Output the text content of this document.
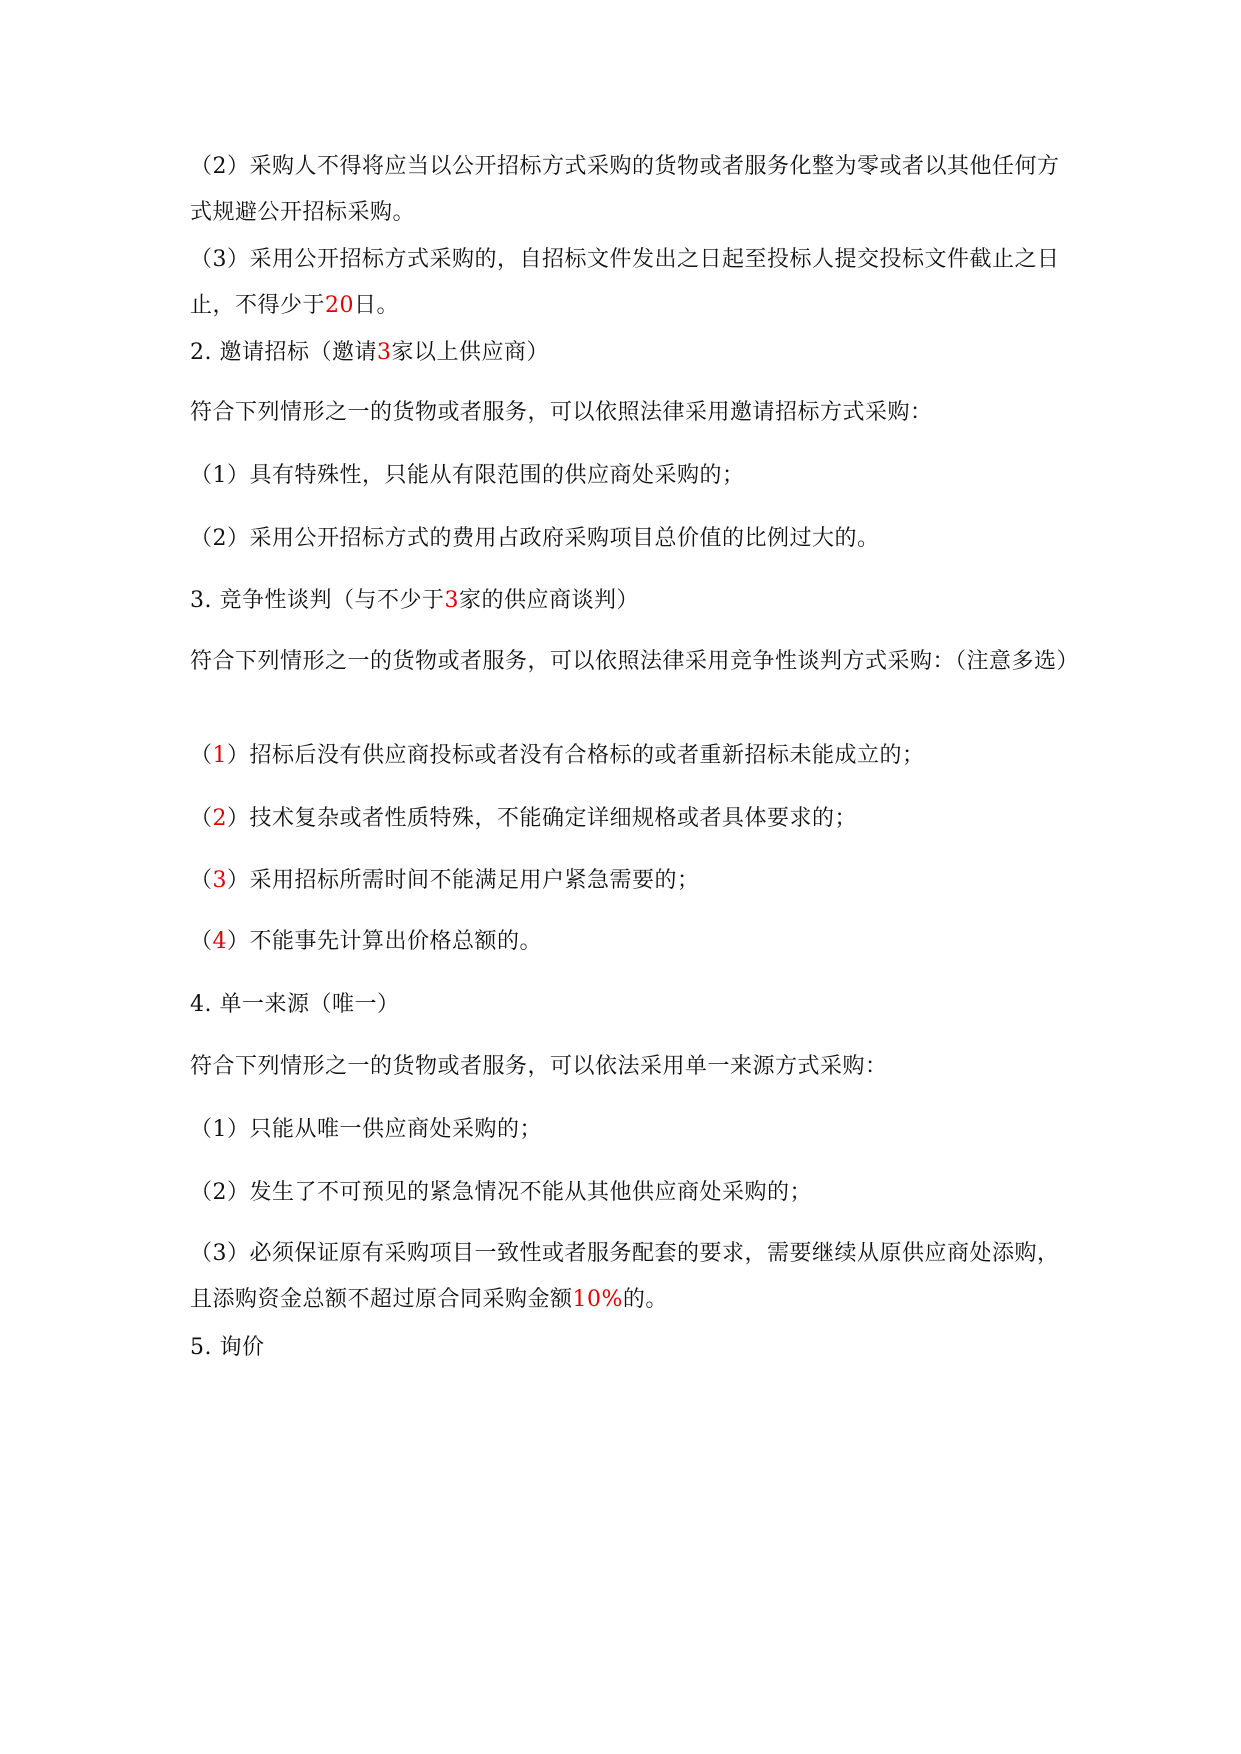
（2）采购人不得将应当以公开招标方式采购的货物或者服务化整为零或者以其他任何方式规避公开招标采购。

（3）采用公开招标方式采购的，自招标文件发出之日起至投标人提交投标文件截止之日止，不得少于20日。

2. 邀请招标（邀请3家以上供应商）

符合下列情形之一的货物或者服务，可以依照法律采用邀请招标方式采购：

（1）具有特殊性，只能从有限范围的供应商处采购的；

（2）采用公开招标方式的费用占政府采购项目总价值的比例过大的。

3. 竞争性谈判（与不少于3家的供应商谈判）

符合下列情形之一的货物或者服务，可以依照法律采用竞争性谈判方式采购：（注意多选）

（1）招标后没有供应商投标或者没有合格标的或者重新招标未能成立的；

（2）技术复杂或者性质特殊，不能确定详细规格或者具体要求的；

（3）采用招标所需时间不能满足用户紧急需要的；

（4）不能事先计算出价格总额的。

4. 单一来源（唯一）

符合下列情形之一的货物或者服务，可以依法采用单一来源方式采购：

（1）只能从唯一供应商处采购的；

（2）发生了不可预见的紧急情况不能从其他供应商处采购的；

（3）必须保证原有采购项目一致性或者服务配套的要求，需要继续从原供应商处添购，且添购资金总额不超过原合同采购金额10%的。

5. 询价
